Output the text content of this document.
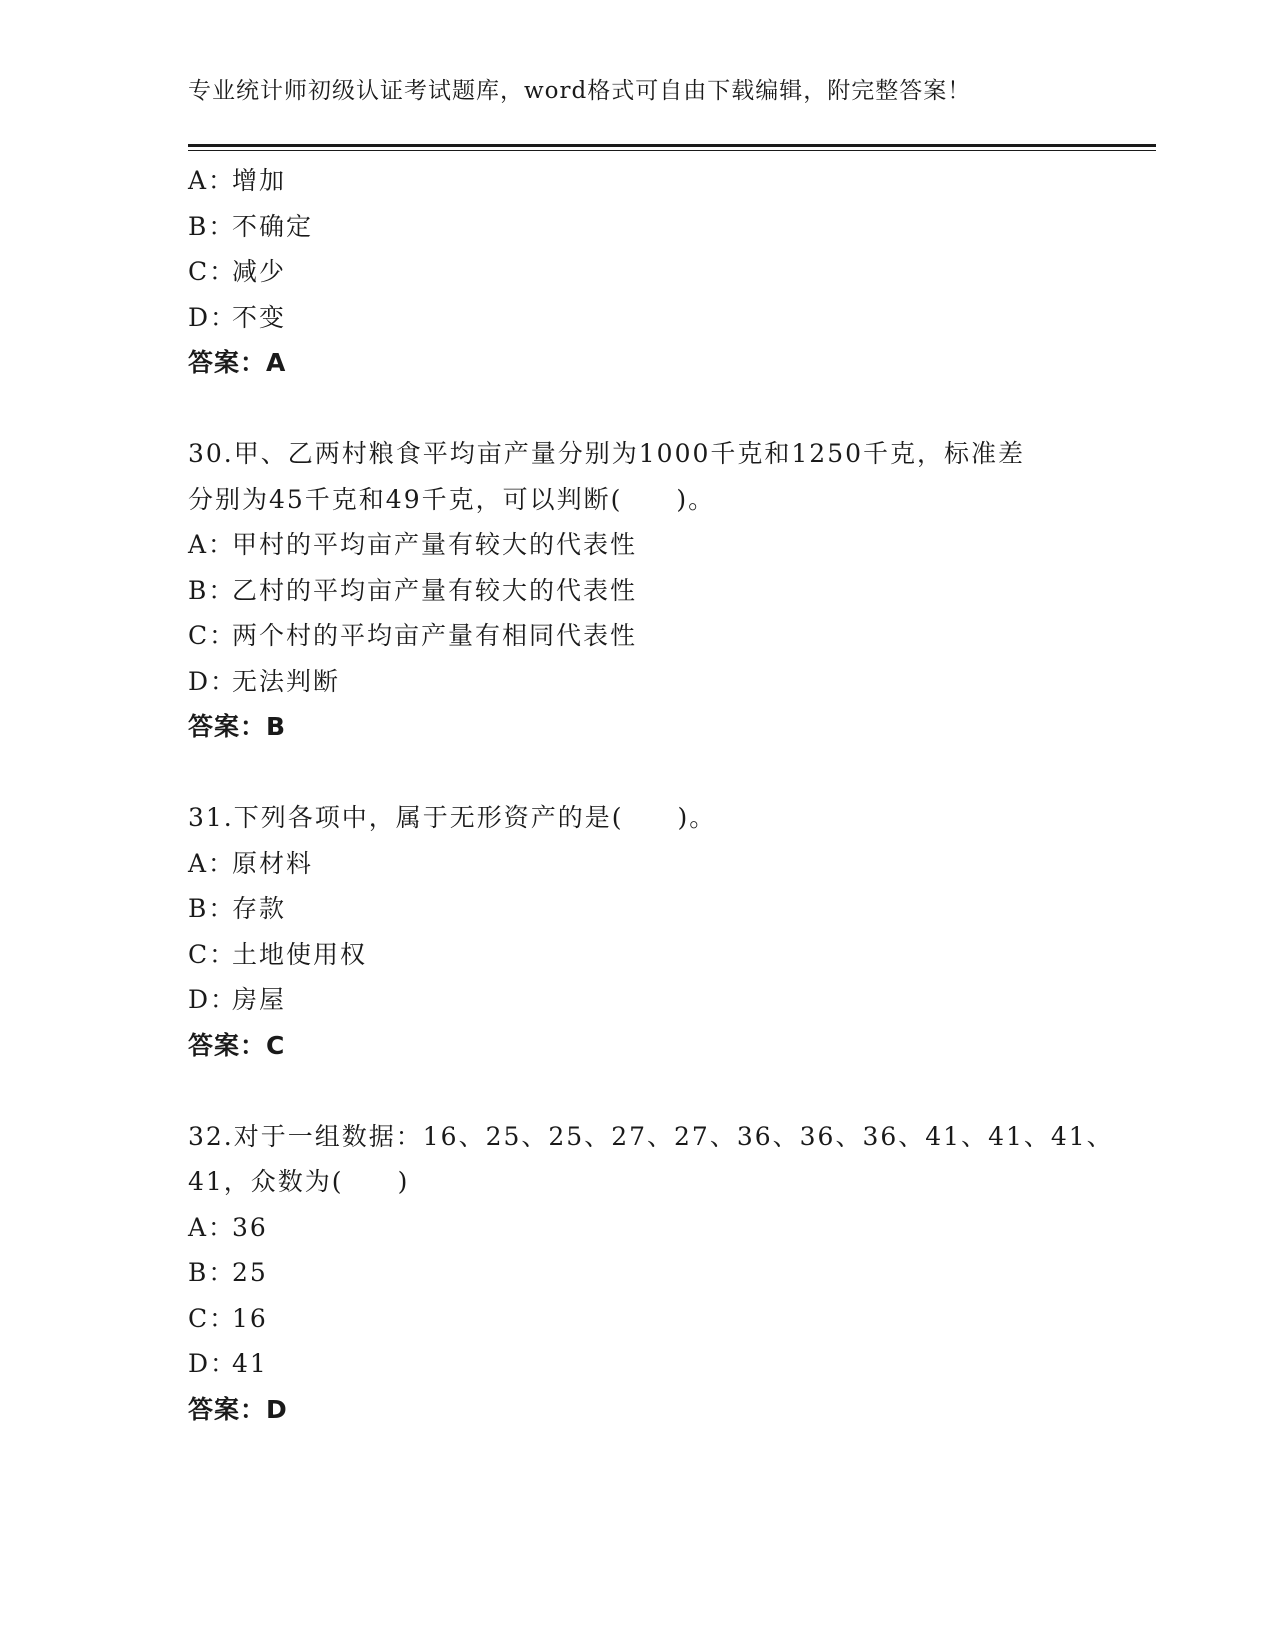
专业统计师初级认证考试题库，word格式可自由下载编辑，附完整答案！
A：增加
B：不确定
C：减少
D：不变
答案：A
30.甲、乙两村粮食平均亩产量分别为1000千克和1250千克，标准差
分别为45千克和49千克，可以判断(　　)。
A：甲村的平均亩产量有较大的代表性
B：乙村的平均亩产量有较大的代表性
C：两个村的平均亩产量有相同代表性
D：无法判断
答案：B
31.下列各项中，属于无形资产的是(　　)。
A：原材料
B：存款
C：土地使用权
D：房屋
答案：C
32.对于一组数据：16、25、25、27、27、36、36、36、41、41、41、
41，众数为(　　)
A：36
B：25
C：16
D：41
答案：D
